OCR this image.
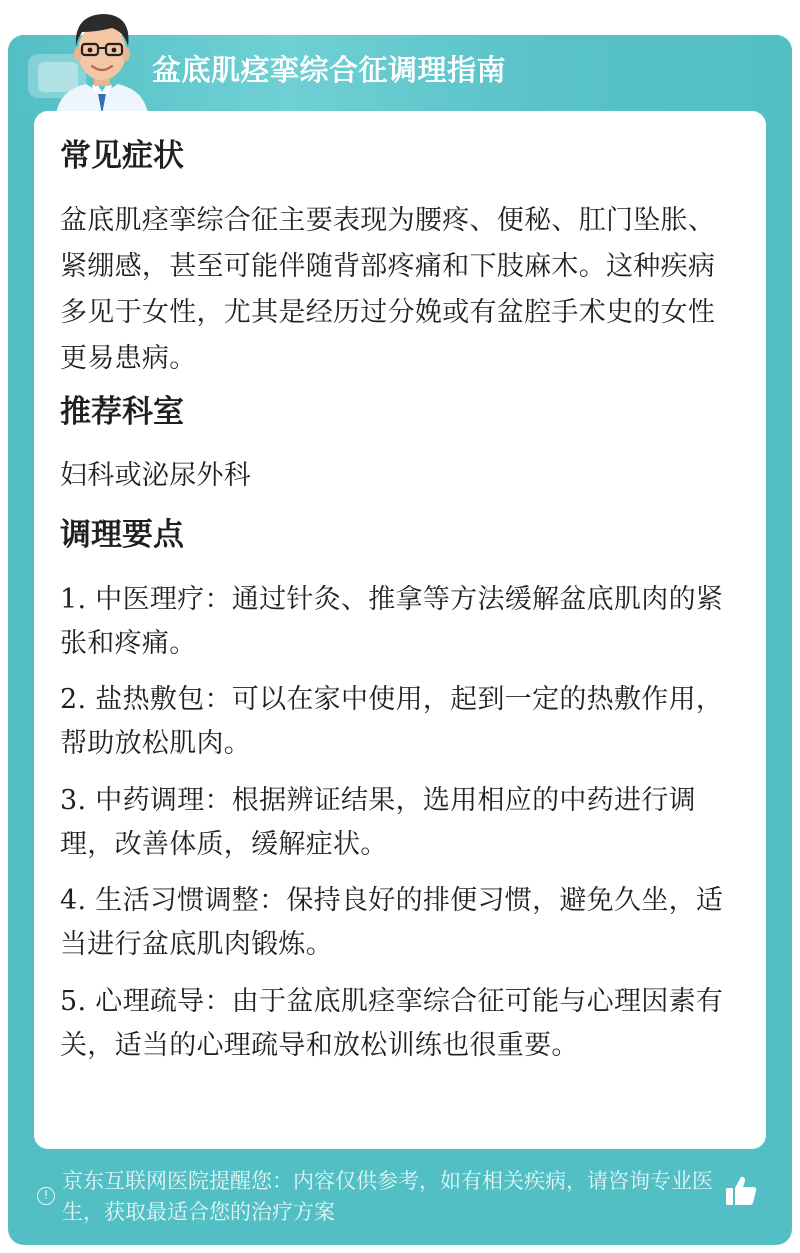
盆底肌痉挛综合征调理指南
常见症状
盆底肌痉挛综合征主要表现为腰疼、便秘、肛门坠胀、紧绷感，甚至可能伴随背部疼痛和下肢麻木。这种疾病多见于女性，尤其是经历过分娩或有盆腔手术史的女性更易患病。
推荐科室
妇科或泌尿外科
调理要点
1. 中医理疗：通过针灸、推拿等方法缓解盆底肌肉的紧张和疼痛。
2. 盐热敷包：可以在家中使用，起到一定的热敷作用，帮助放松肌肉。
3. 中药调理：根据辨证结果，选用相应的中药进行调理，改善体质，缓解症状。
4. 生活习惯调整：保持良好的排便习惯，避免久坐，适当进行盆底肌肉锻炼。
5. 心理疏导：由于盆底肌痉挛综合征可能与心理因素有关，适当的心理疏导和放松训练也很重要。
!
京东互联网医院提醒您：内容仅供参考，如有相关疾病，请咨询专业医生，获取最适合您的治疗方案
